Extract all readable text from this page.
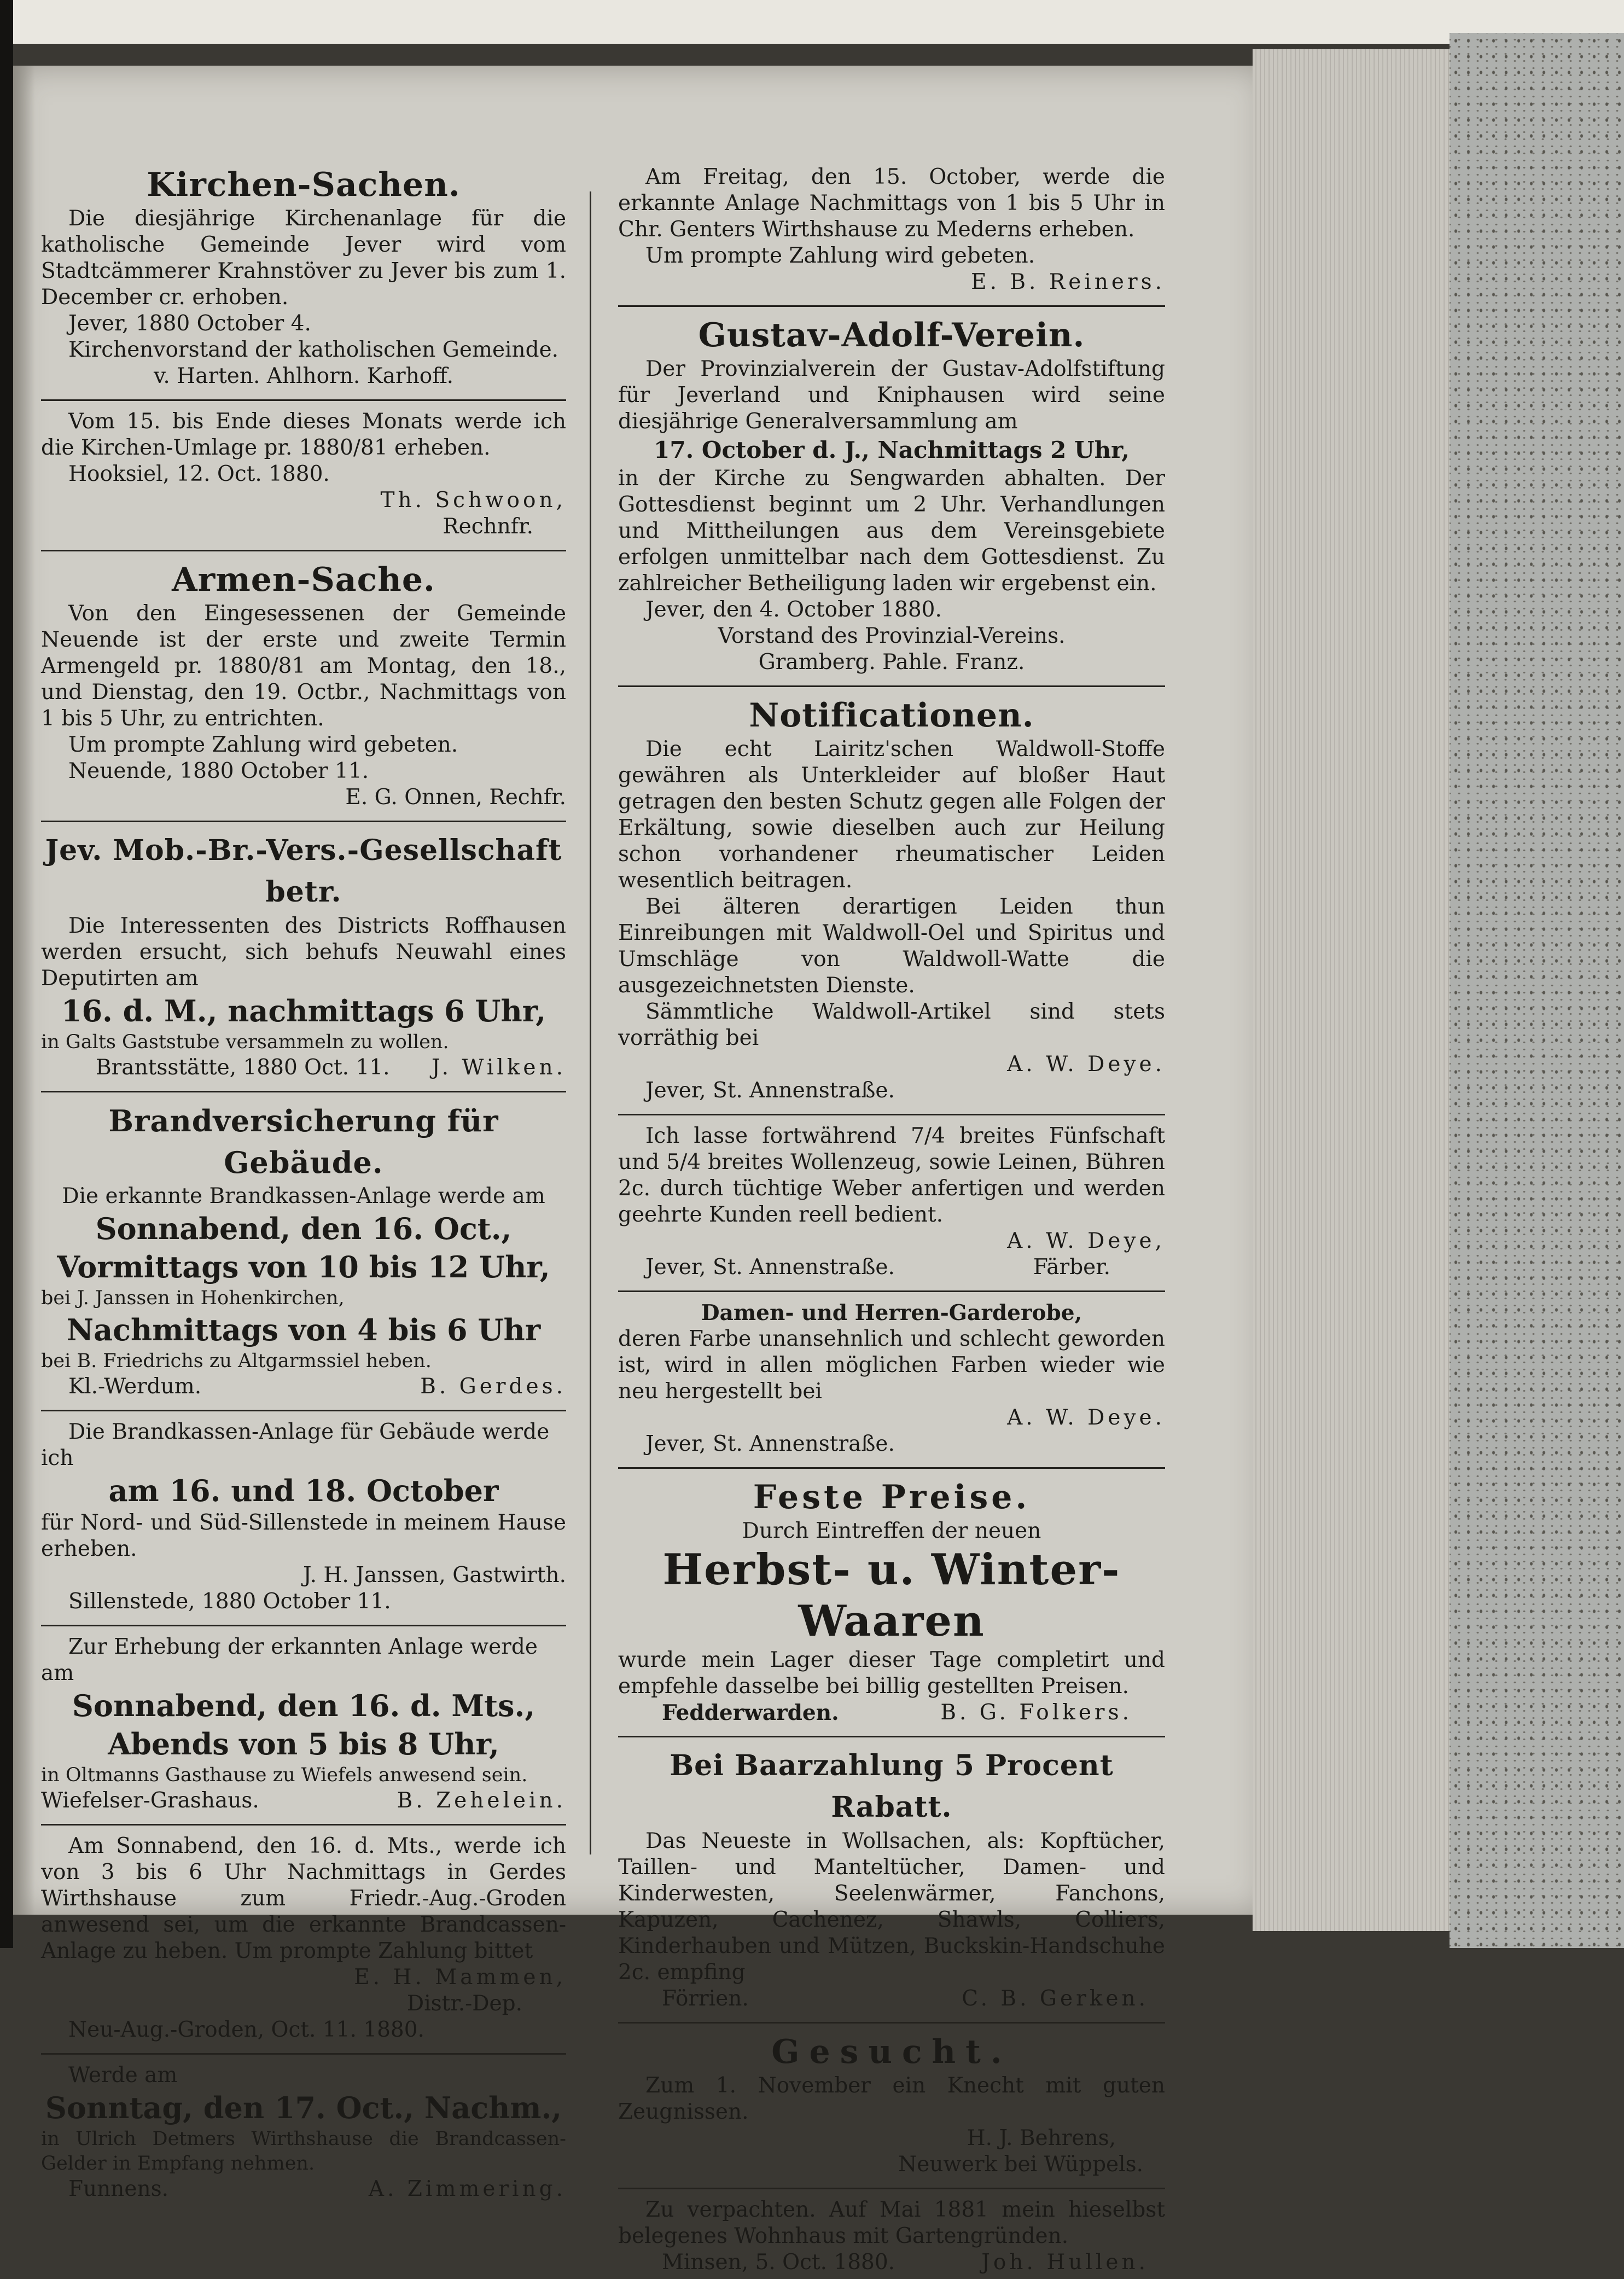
Kirchen-Sachen.

Die diesjährige Kirchenanlage für die katholische Gemeinde Jever wird vom Stadtcämmerer Krahnstöver zu Jever bis zum 1. December cr. erhoben.

Jever, 1880 October 4.

Kirchenvorstand der katholischen Gemeinde.

v. Harten. Ahlhorn. Karhoff.

Vom 15. bis Ende dieses Monats werde ich die Kirchen-Umlage pr. 1880/81 erheben.

Hooksiel, 12. Oct. 1880.

Th. Schwoon,

Rechnfr.

Armen-Sache.

Von den Eingesessenen der Gemeinde Neuende ist der erste und zweite Termin Armengeld pr. 1880/81 am Montag, den 18., und Dienstag, den 19. Octbr., Nachmittags von 1 bis 5 Uhr, zu entrichten.

Um prompte Zahlung wird gebeten.

Neuende, 1880 October 11.

E. G. Onnen, Rechfr.

Jev. Mob.-Br.-Vers.-Gesellschaft betr.

Die Interessenten des Districts Roffhausen werden ersucht, sich behufs Neuwahl eines Deputirten am

16. d. M., nachmittags 6 Uhr,

in Galts Gaststube versammeln zu wollen.

Brantsstätte, 1880 Oct. 11. J. Wilken.
Brandversicherung für Gebäude.

Die erkannte Brandkassen-Anlage werde am

Sonnabend, den 16. Oct.,

Vormittags von 10 bis 12 Uhr,

bei J. Janssen in Hohenkirchen,

Nachmittags von 4 bis 6 Uhr

bei B. Friedrichs zu Altgarmssiel heben.

Kl.-Werdum.	B. Gerdes.

Die Brandkassen-Anlage für Gebäude werde ich

am 16. und 18. October

für Nord- und Süd-Sillenstede in meinem Hause erheben.

J. H. Janssen, Gastwirth.

Sillenstede, 1880 October 11.

Zur Erhebung der erkannten Anlage werde am

Sonnabend, den 16. d. Mts.,

Abends von 5 bis 8 Uhr,

in Oltmanns Gasthause zu Wiefels anwesend sein.

Wiefelser-Grashaus.	B. Zehelein.

Am Sonnabend, den 16. d. Mts., werde ich von 3 bis 6 Uhr Nachmittags in Gerdes Wirthshause zum Friedr.-Aug.-Groden anwesend sei, um die erkannte Brandcassen-Anlage zu heben. Um prompte Zahlung bittet

E. H. Mammen,

Distr.-Dep.

Neu-Aug.-Groden, Oct. 11. 1880.

Werde am

Sonntag, den 17. Oct., Nachm.,

in Ulrich Detmers Wirthshause die Brandcassen-Gelder in Empfang nehmen.

Funnens.	A. Zimmering.

Am Freitag, den 15. October, werde die erkannte Anlage Nachmittags von 1 bis 5 Uhr in Chr. Genters Wirthshause zu Mederns erheben.

Um prompte Zahlung wird gebeten.

E. B. Reiners.

Gustav-Adolf-Verein.

Der Provinzialverein der Gustav-Adolfstiftung für Jeverland und Kniphausen wird seine diesjährige Generalversammlung am

17. October d. J., Nachmittags 2 Uhr,

in der Kirche zu Sengwarden abhalten. Der Gottesdienst beginnt um 2 Uhr. Verhandlungen und Mittheilungen aus dem Vereinsgebiete erfolgen unmittelbar nach dem Gottesdienst. Zu zahlreicher Betheiligung laden wir ergebenst ein.

Jever, den 4. October 1880.

Vorstand des Provinzial-Vereins.

Gramberg. Pahle. Franz.

Notificationen.

Die echt Lairitz'schen Waldwoll-Stoffe gewähren als Unterkleider auf bloßer Haut getragen den besten Schutz gegen alle Folgen der Erkältung, sowie dieselben auch zur Heilung schon vorhandener rheumatischer Leiden wesentlich beitragen.

Bei älteren derartigen Leiden thun Einreibungen mit Waldwoll-Oel und Spiritus und Umschläge von Waldwoll-Watte die ausgezeichnetsten Dienste.

Sämmtliche Waldwoll-Artikel sind stets vorräthig bei

A. W. Deye.

Jever, St. Annenstraße.

Ich lasse fortwährend 7/4 breites Fünfschaft und 5/4 breites Wollenzeug, sowie Leinen, Bühren 2c. durch tüchtige Weber anfertigen und werden geehrte Kunden reell bedient.

A. W. Deye,

Jever, St. Annenstraße.	Färber.

Damen- und Herren-Garderobe,

deren Farbe unansehnlich und schlecht geworden ist, wird in allen möglichen Farben wieder wie neu hergestellt bei

A. W. Deye.

Jever, St. Annenstraße.

Feste Preise.

Durch Eintreffen der neuen

Herbst- u. Winter-Waaren

wurde mein Lager dieser Tage completirt und empfehle dasselbe bei billig gestellten Preisen.

Fedderwarden.	B. G. Folkers.
Bei Baarzahlung 5 Procent Rabatt.

Das Neueste in Wollsachen, als: Kopftücher, Taillen- und Manteltücher, Damen- und Kinderwesten, Seelenwärmer, Fanchons, Kapuzen, Cachenez, Shawls, Colliers, Kinderhauben und Mützen, Buckskin-Handschuhe 2c. empfing

Förrien.	C. B. Gerken.
Gesucht.

Zum 1. November ein Knecht mit guten Zeugnissen.

H. J. Behrens,

Neuwerk bei Wüppels.

Zu verpachten. Auf Mai 1881 mein hieselbst belegenes Wohnhaus mit Gartengründen.

Minsen, 5. Oct. 1880.	Joh. Hullen.
